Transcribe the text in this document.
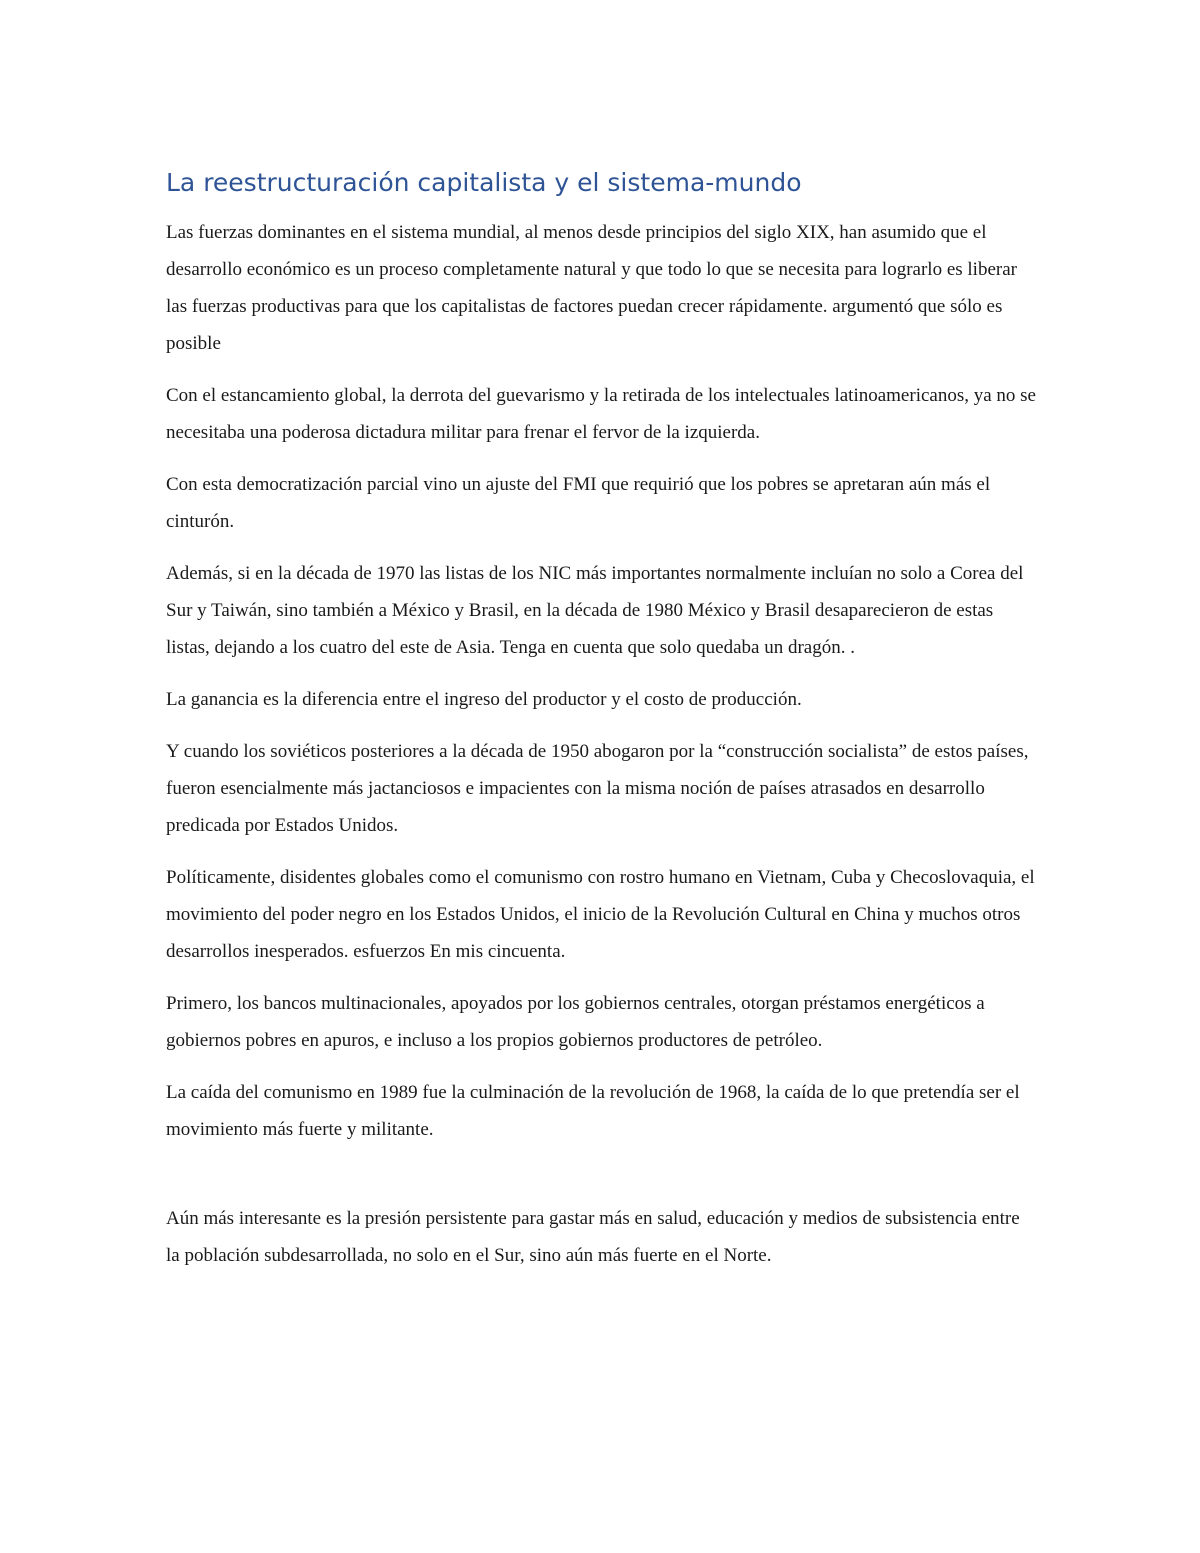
La reestructuración capitalista y el sistema-mundo

Las fuerzas dominantes en el sistema mundial, al menos desde principios del siglo XIX, han asumido que el desarrollo económico es un proceso completamente natural y que todo lo que se necesita para lograrlo es liberar las fuerzas productivas para que los capitalistas de factores puedan crecer rápidamente. argumentó que sólo es posible

Con el estancamiento global, la derrota del guevarismo y la retirada de los intelectuales latinoamericanos, ya no se necesitaba una poderosa dictadura militar para frenar el fervor de la izquierda.

Con esta democratización parcial vino un ajuste del FMI que requirió que los pobres se apretaran aún más el cinturón.

Además, si en la década de 1970 las listas de los NIC más importantes normalmente incluían no solo a Corea del Sur y Taiwán, sino también a México y Brasil, en la década de 1980 México y Brasil desaparecieron de estas listas, dejando a los cuatro del este de Asia. Tenga en cuenta que solo quedaba un dragón. .

La ganancia es la diferencia entre el ingreso del productor y el costo de producción.

Y cuando los soviéticos posteriores a la década de 1950 abogaron por la “construcción socialista” de estos países, fueron esencialmente más jactanciosos e impacientes con la misma noción de países atrasados en desarrollo predicada por Estados Unidos.

Políticamente, disidentes globales como el comunismo con rostro humano en Vietnam, Cuba y Checoslovaquia, el movimiento del poder negro en los Estados Unidos, el inicio de la Revolución Cultural en China y muchos otros desarrollos inesperados. esfuerzos En mis cincuenta.

Primero, los bancos multinacionales, apoyados por los gobiernos centrales, otorgan préstamos energéticos a gobiernos pobres en apuros, e incluso a los propios gobiernos productores de petróleo.

La caída del comunismo en 1989 fue la culminación de la revolución de 1968, la caída de lo que pretendía ser el movimiento más fuerte y militante.

Aún más interesante es la presión persistente para gastar más en salud, educación y medios de subsistencia entre la población subdesarrollada, no solo en el Sur, sino aún más fuerte en el Norte.
